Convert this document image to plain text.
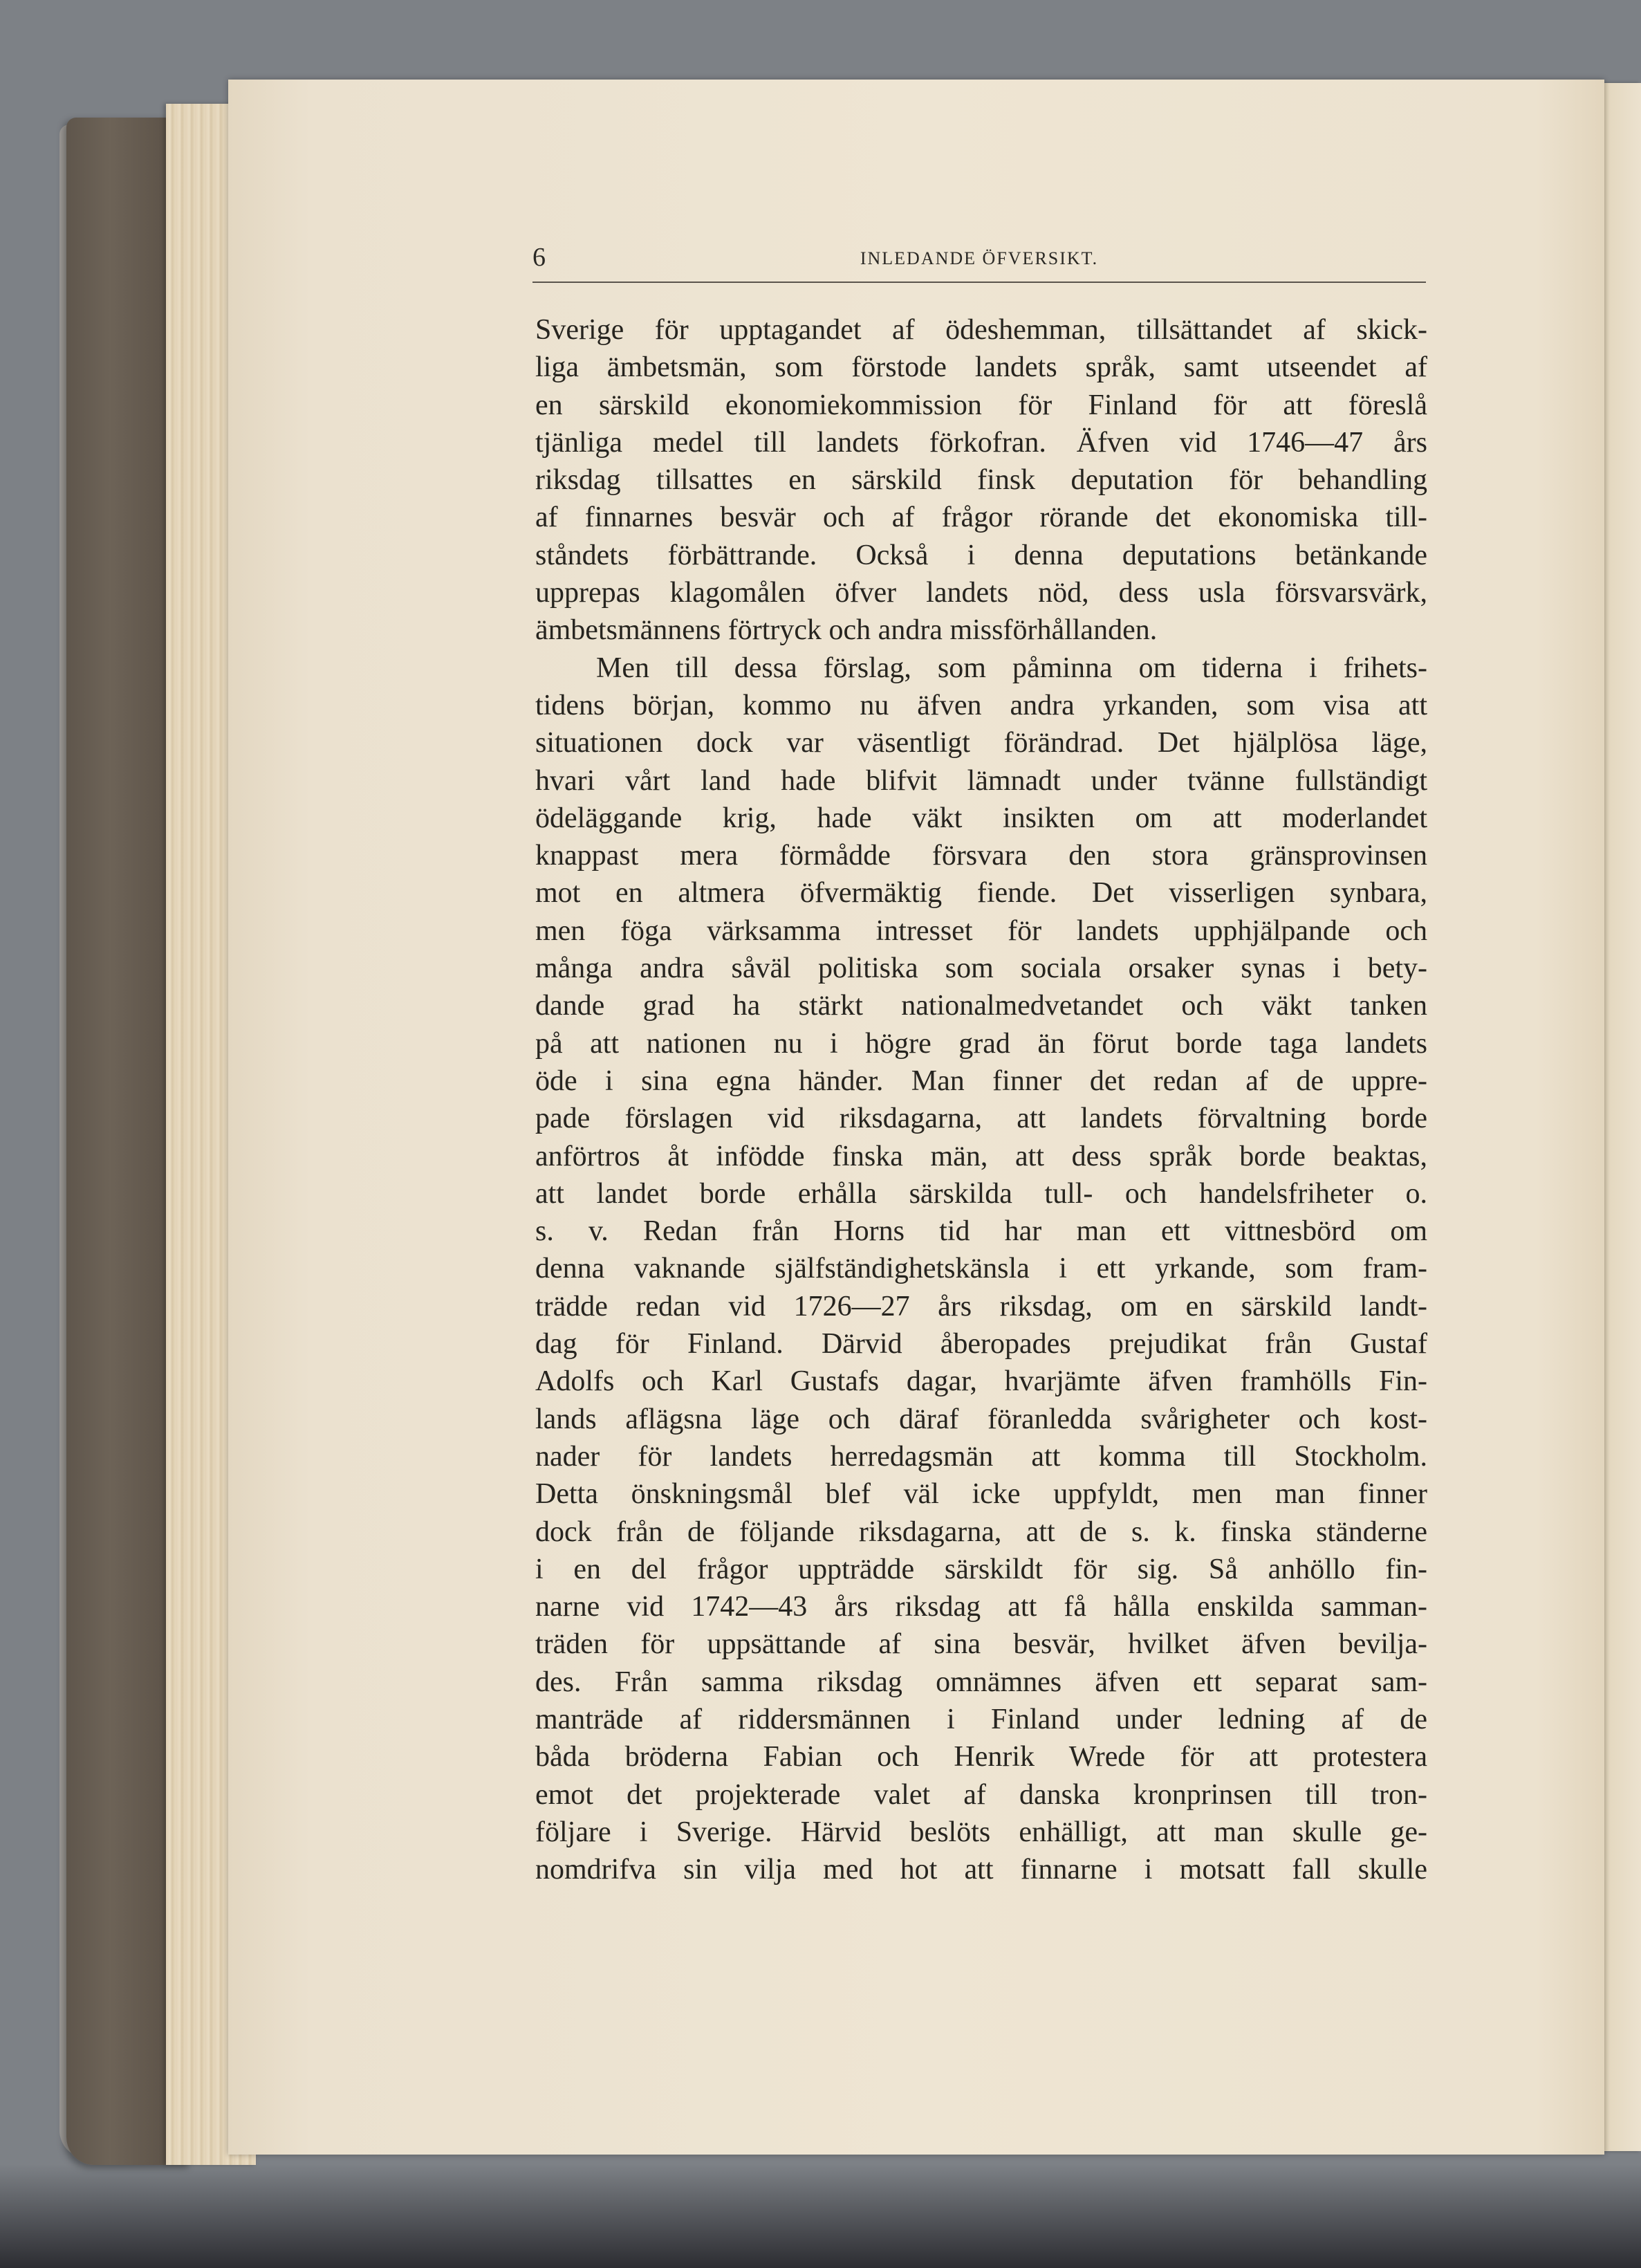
6	INLEDANDE ÖFVERSIKT.
Sverige för upptagandet af ödeshemman, tillsättandet af skick-
liga ämbetsmän, som förstode landets språk, samt utseendet af
en särskild ekonomiekommission för Finland för att föreslå
tjänliga medel till landets förkofran. Äfven vid 1746—47 års
riksdag tillsattes en särskild finsk deputation för behandling
af finnarnes besvär och af frågor rörande det ekonomiska till-
ståndets förbättrande. Också i denna deputations betänkande
upprepas klagomålen öfver landets nöd, dess usla försvarsvärk,
ämbetsmännens förtryck och andra missförhållanden.
Men till dessa förslag, som påminna om tiderna i frihets-
tidens början, kommo nu äfven andra yrkanden, som visa att
situationen dock var väsentligt förändrad. Det hjälplösa läge,
hvari vårt land hade blifvit lämnadt under tvänne fullständigt
ödeläggande krig, hade väkt insikten om att moderlandet
knappast mera förmådde försvara den stora gränsprovinsen
mot en altmera öfvermäktig fiende. Det visserligen synbara,
men föga värksamma intresset för landets upphjälpande och
många andra såväl politiska som sociala orsaker synas i bety-
dande grad ha stärkt nationalmedvetandet och väkt tanken
på att nationen nu i högre grad än förut borde taga landets
öde i sina egna händer. Man finner det redan af de uppre-
pade förslagen vid riksdagarna, att landets förvaltning borde
anförtros åt infödde finska män, att dess språk borde beaktas,
att landet borde erhålla särskilda tull- och handelsfriheter o.
s. v. Redan från Horns tid har man ett vittnesbörd om
denna vaknande själfständighetskänsla i ett yrkande, som fram-
trädde redan vid 1726—27 års riksdag, om en särskild landt-
dag för Finland. Därvid åberopades prejudikat från Gustaf
Adolfs och Karl Gustafs dagar, hvarjämte äfven framhölls Fin-
lands aflägsna läge och däraf föranledda svårigheter och kost-
nader för landets herredagsmän att komma till Stockholm.
Detta önskningsmål blef väl icke uppfyldt, men man finner
dock från de följande riksdagarna, att de s. k. finska ständerne
i en del frågor uppträdde särskildt för sig. Så anhöllo fin-
narne vid 1742—43 års riksdag att få hålla enskilda samman-
träden för uppsättande af sina besvär, hvilket äfven bevilja-
des. Från samma riksdag omnämnes äfven ett separat sam-
manträde af riddersmännen i Finland under ledning af de
båda bröderna Fabian och Henrik Wrede för att protestera
emot det projekterade valet af danska kronprinsen till tron-
följare i Sverige. Härvid beslöts enhälligt, att man skulle ge-
nomdrifva sin vilja med hot att finnarne i motsatt fall skulle
